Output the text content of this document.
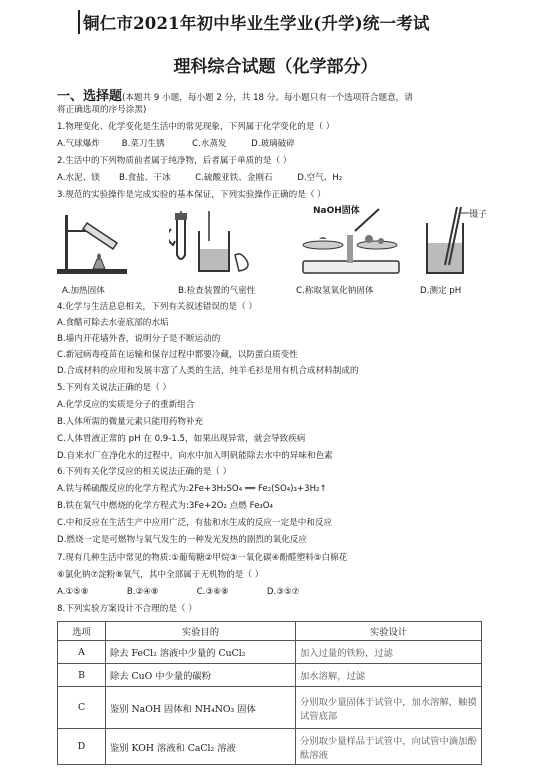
铜仁市2021年初中毕业生学业(升学)统一考试
理科综合试题（化学部分）
一、选择题(本题共 9 小题，每小题 2 分，共 18 分。每小题只有一个选项符合题意，请
将正确选项的序号涂黑)
1.物理变化、化学变化是生活中的常见现象，下列属于化学变化的是（ ）
A.气球爆炸        B.菜刀生锈          C.水蒸发         D.玻璃破碎
2.生活中的下列物质前者属于纯净物，后者属于单质的是（ ）
A.水泥、镁       B.食盐、干冰         C.硫酸亚铁、金刚石         D.空气、H₂
3.规范的实验操作是完成实验的基本保证，下列实验操作正确的是（ ）
NaOH固体	镊子
A.加热固体	B.检查装置的气密性	C.称取氢氧化钠固体	D.测定 pH
4.化学与生活息息相关，下列有关叙述错误的是（ ）
A.食醋可除去水壶底部的水垢
B.墙内开花墙外香，说明分子是不断运动的
C.新冠病毒疫苗在运输和保存过程中都要冷藏，以防蛋白质变性
D.合成材料的应用和发展丰富了人类的生活，纯羊毛衫是用有机合成材料制成的
5.下列有关说法正确的是（ ）
A.化学反应的实质是分子的重新组合
B.人体所需的微量元素只能用药物补充
C.人体胃液正常的 pH 在 0.9-1.5，如果出现异常，就会导致疾病
D.自来水厂在净化水的过程中，向水中加入明矾能除去水中的异味和色素
6.下列有关化学反应的相关说法正确的是（ ）
A.铁与稀硫酸反应的化学方程式为:2Fe+3H₂SO₄ ══ Fe₂(SO₄)₃+3H₂↑
B.铁在氧气中燃烧的化学方程式为:3Fe+2O₂ 点燃 Fe₃O₄
C.中和反应在生活生产中应用广泛，有盐和水生成的反应一定是中和反应
D.燃烧一定是可燃物与氧气发生的一种发光发热的剧烈的氧化反应
7.现有几种生活中常见的物质:①葡萄糖②甲烷③一氧化碳④酚醛塑料⑤白棉花
⑥氯化钠⑦淀粉⑧氧气，其中全部属于无机物的是（ ）
A.①⑤⑧              B.②④⑧              C.③⑥⑧              D.③⑤⑦
8.下列实验方案设计不合理的是（ ）
选项	实验目的	实验设计
A	除去 FeCl₂ 溶液中少量的 CuCl₂	加入过量的铁粉，过滤
B	除去 CuO 中少量的碳粉	加水溶解，过滤
C	鉴别 NaOH 固体和 NH₄NO₃ 固体	分别取少量固体于试管中，加水溶解，触摸试管底部
D	鉴别 KOH 溶液和 CaCl₂ 溶液	分别取少量样品于试管中，向试管中滴加酚酞溶液
